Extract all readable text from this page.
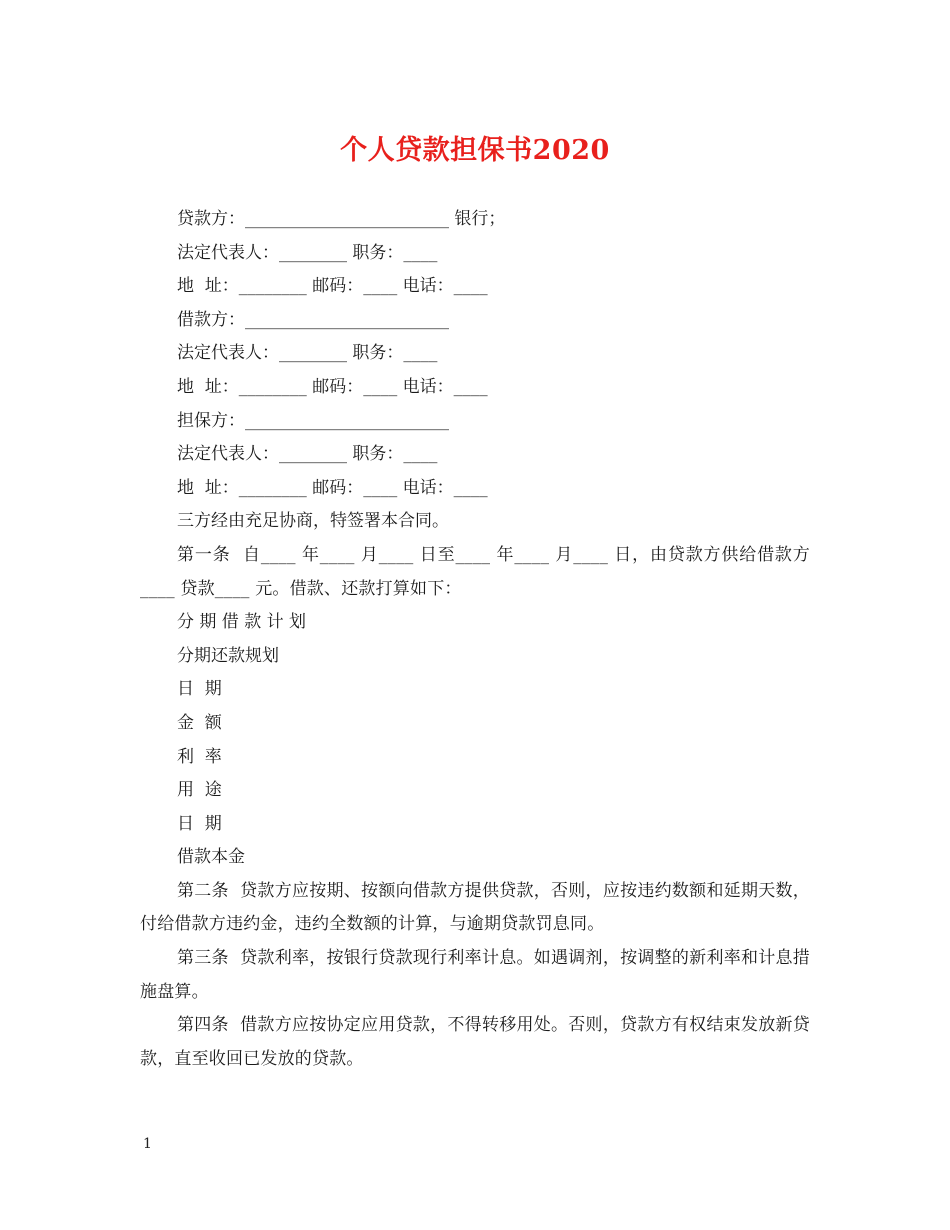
个人贷款担保书2020
贷款方：________________________ 银行；
法定代表人：________ 职务：____
地  址：________ 邮码：____ 电话：____
借款方：________________________
法定代表人：________ 职务：____
地  址：________ 邮码：____ 电话：____
担保方：________________________
法定代表人：________ 职务：____
地  址：________ 邮码：____ 电话：____
三方经由充足协商，特签署本合同。
第一条  自____ 年____ 月____ 日至____ 年____ 月____ 日，由贷款方供给借款方____ 贷款____ 元。借款、还款打算如下：
分 期 借 款 计 划
分期还款规划
日  期
金  额
利  率
用  途
日  期
借款本金
第二条  贷款方应按期、按额向借款方提供贷款，否则，应按违约数额和延期天数，付给借款方违约金，违约全数额的计算，与逾期贷款罚息同。
第三条  贷款利率，按银行贷款现行利率计息。如遇调剂，按调整的新利率和计息措施盘算。
第四条  借款方应按协定应用贷款，不得转移用处。否则，贷款方有权结束发放新贷款，直至收回已发放的贷款。
1
